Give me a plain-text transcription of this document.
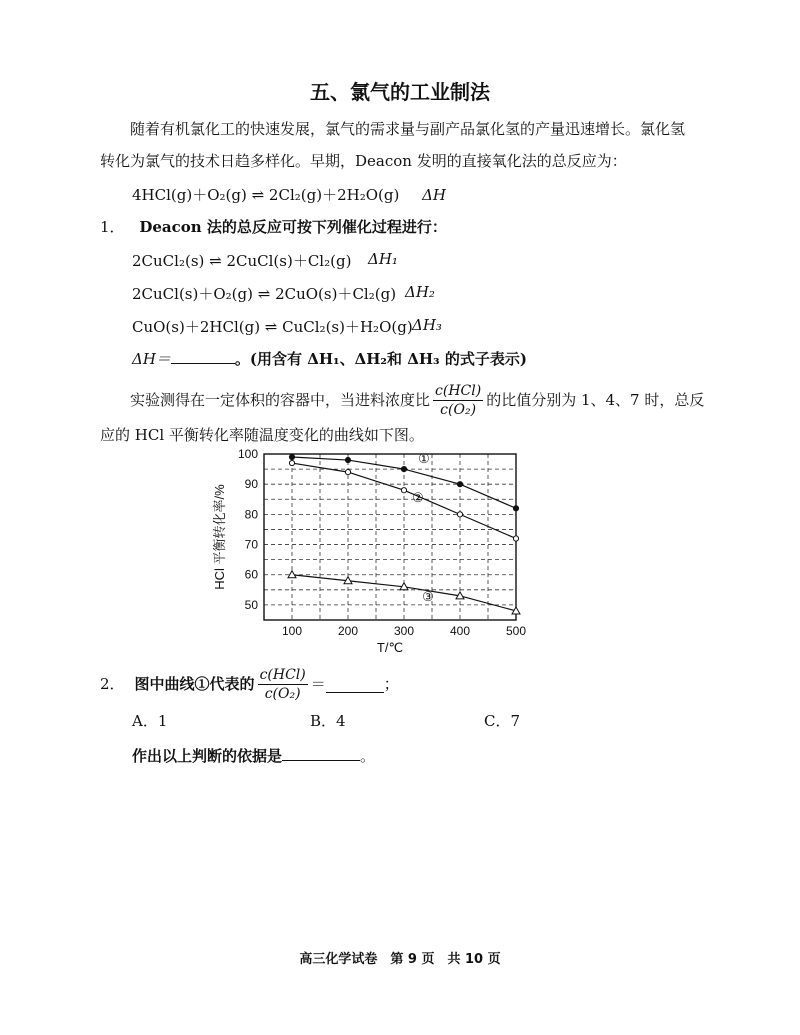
五、氯气的工业制法
随着有机氯化工的快速发展，氯气的需求量与副产品氯化氢的产量迅速增长。氯化氢
转化为氯气的技术日趋多样化。早期，Deacon 发明的直接氧化法的总反应为：
4HCl(g)＋O₂(g) ⇌ 2Cl₂(g)＋2H₂O(g) ΔH
1． Deacon 法的总反应可按下列催化过程进行：
2CuCl₂(s) ⇌ 2CuCl(s)＋Cl₂(g) ΔH₁
2CuCl(s)＋O₂(g) ⇌ 2CuO(s)＋Cl₂(g) ΔH₂
CuO(s)＋2HCl(g) ⇌ CuCl₂(s)＋H₂O(g) ΔH₃
ΔH＝	。(用含有 ΔH₁、ΔH₂和 ΔH₃ 的式子表示)
实验测得在一定体积的容器中，当进料浓度比 $\frac{\text{c(HCl)}}{\text{c(O₂)}}$ 的比值分别为 1、4、7 时，总反
应的 HCl 平衡转化率随温度变化的曲线如下图。
50
60
70
80
90
100
100	200	300	400	500
T/℃
HCl 平衡转化率/%
①
②
③
2． 图中曲线①代表的 $\frac{\text{c(HCl)}}{\text{c(O₂)}}$ ＝	；
A．1	B．4	C．7
作出以上判断的依据是	。
高三化学试卷　第 9 页　共 10 页
